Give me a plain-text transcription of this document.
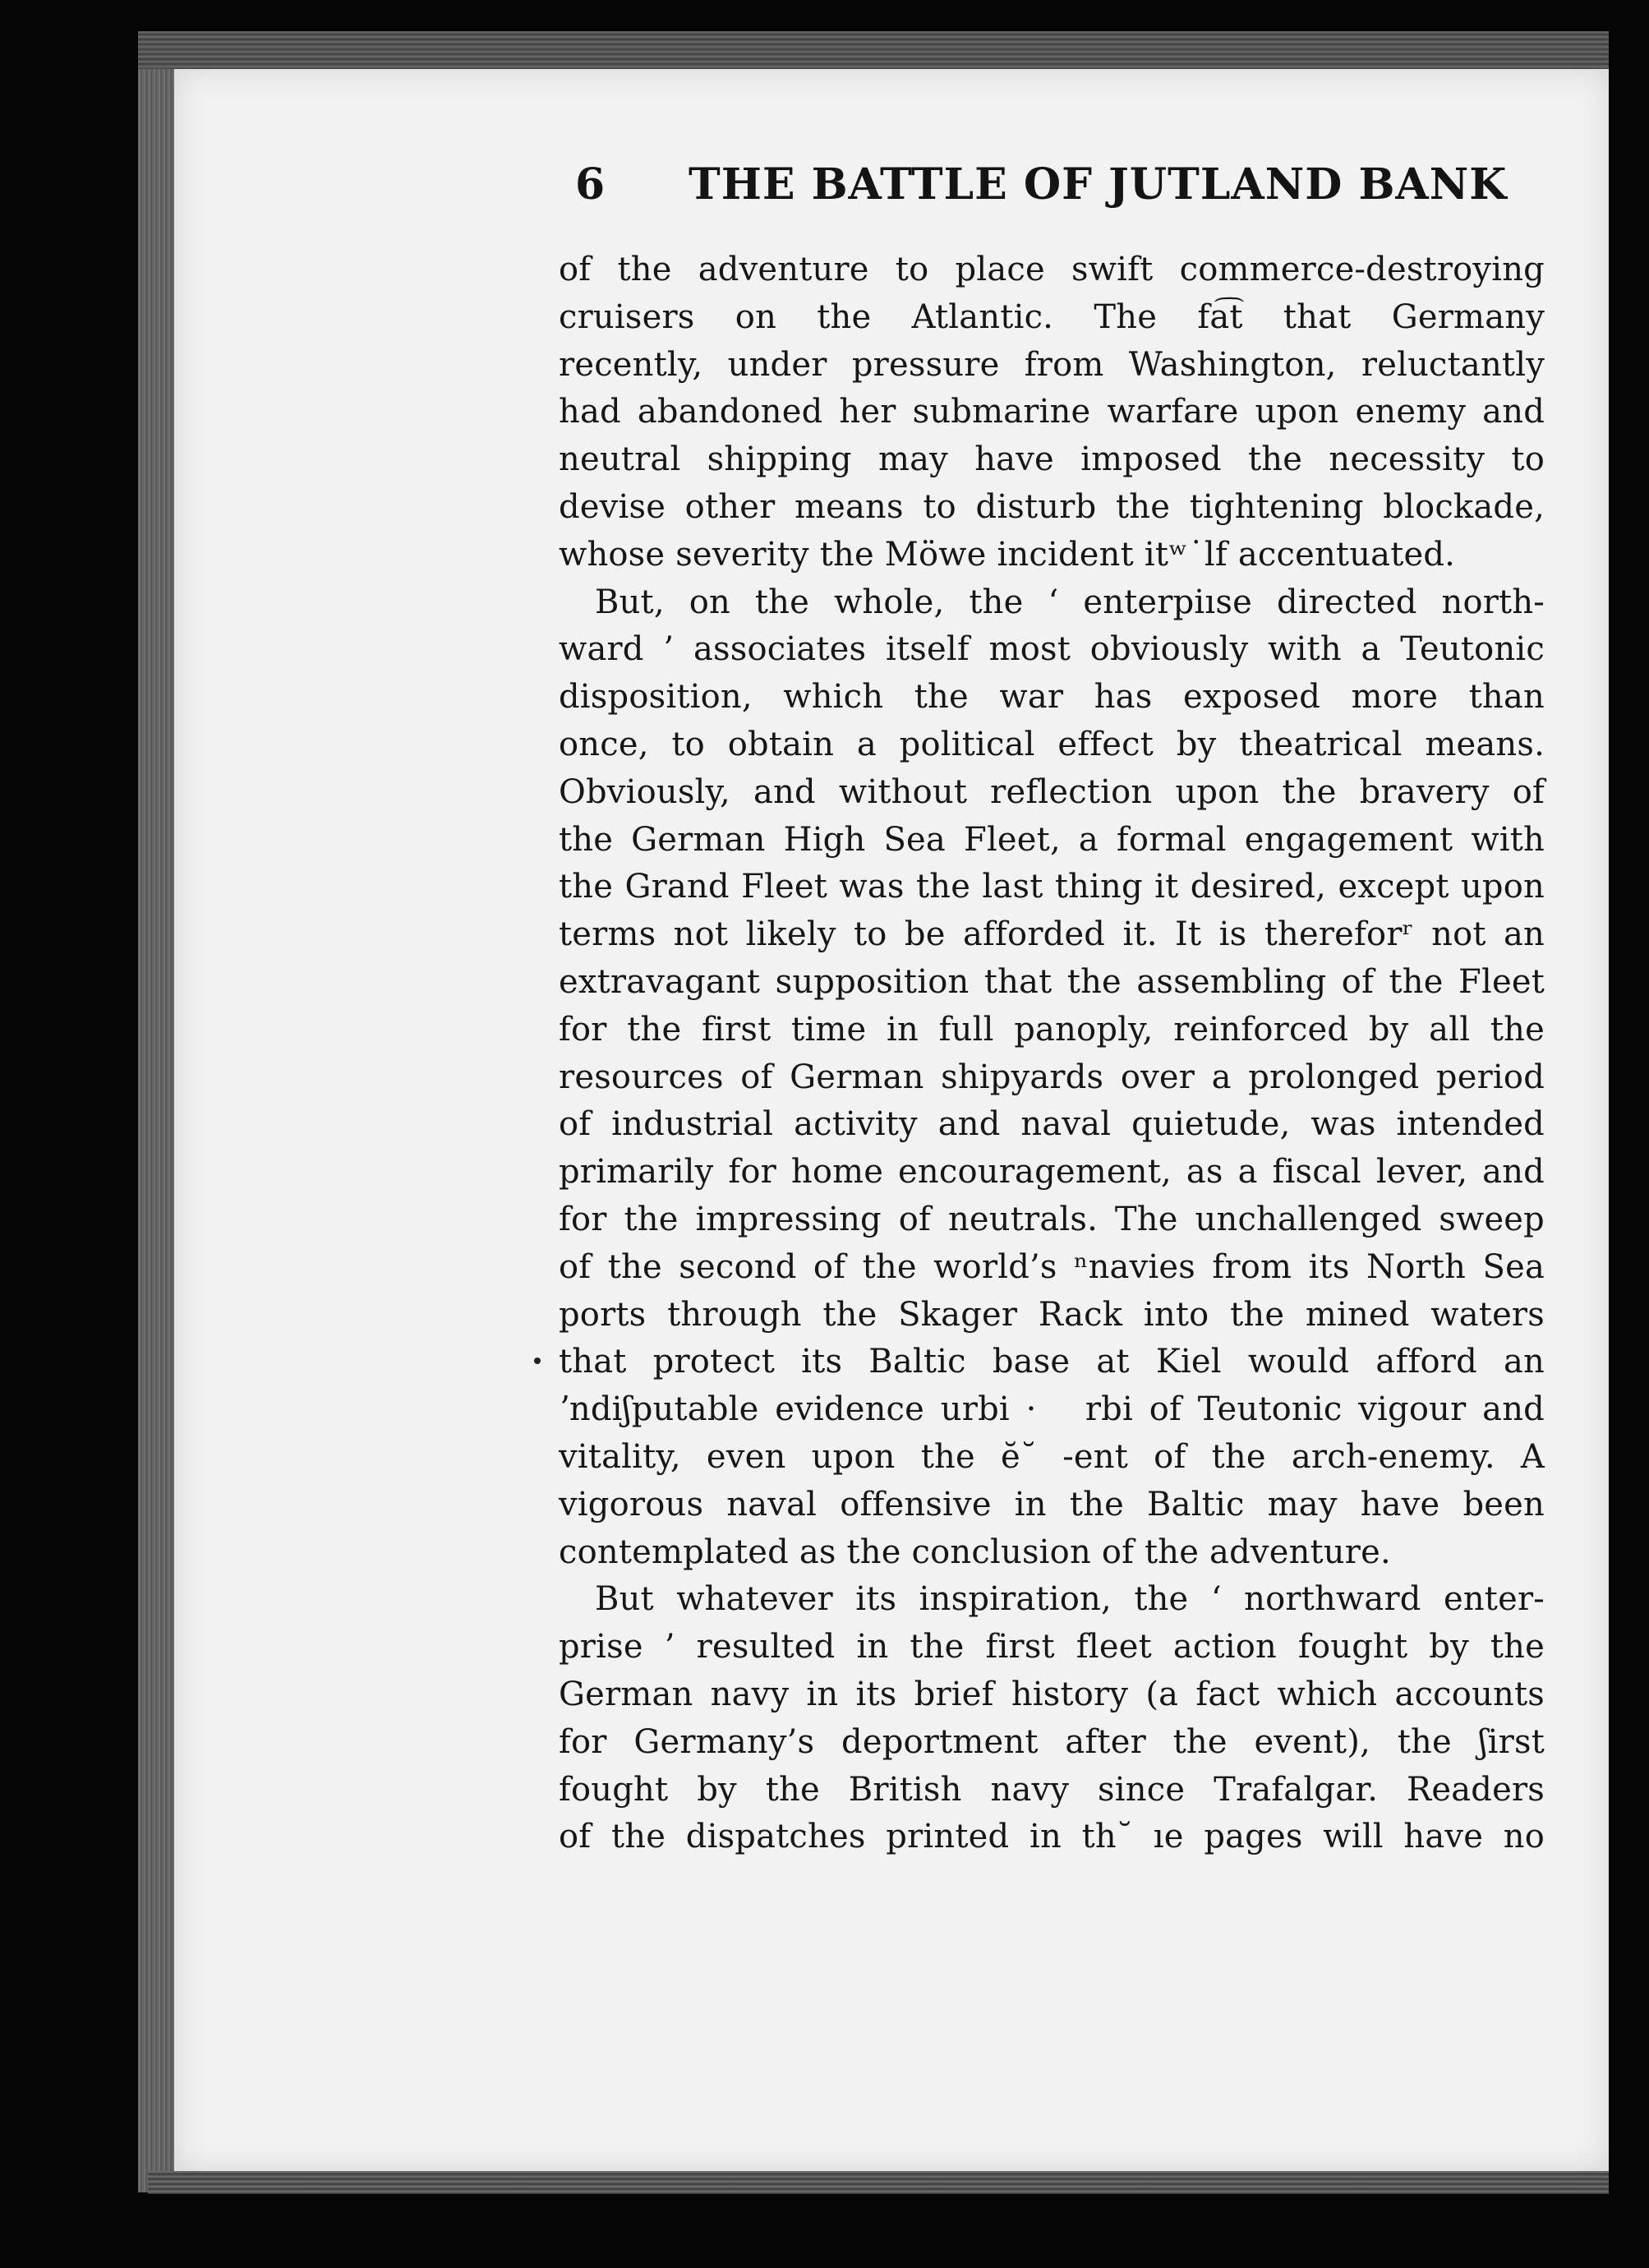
6 THE BATTLE OF JUTLAND BANK
of the adventure to place swift commerce-destroying
cruisers on the Atlantic. The fa͡t that Germany
recently, under pressure from Washington, reluctantly
had abandoned her submarine warfare upon enemy and
neutral shipping may have imposed the necessity to
devise other means to disturb the tightening blockade,
whose severity the Möwe incident itʷ˙lf accentuated.
But, on the whole, the ‘ enterpiıse directed north-
ward ’ associates itself most obviously with a Teutonic
disposition, which the war has exposed more than
once, to obtain a political effect by theatrical means.
Obviously, and without reflection upon the bravery of
the German High Sea Fleet, a formal engagement with
the Grand Fleet was the last thing it desired, except upon
terms not likely to be afforded it. It is thereforʳ not an
extravagant supposition that the assembling of the Fleet
for the first time in full panoply, reinforced by all the
resources of German shipyards over a prolonged period
of industrial activity and naval quietude, was intended
primarily for home encouragement, as a fiscal lever, and
for the impressing of neutrals. The unchallenged sweep
of the second of the world’s ⁿnavies from its North Sea
ports through the Skager Rack into the mined waters
that protect its Baltic base at Kiel would afford an
ʼndiʃputable evidence urbi ·   rbi of Teutonic vigour and
vitality, even upon the ĕ˘ ‑ent of the arch-enemy. A
vigorous naval offensive in the Baltic may have been
contemplated as the conclusion of the adventure.
But whatever its inspiration, the ‘ northward enter-
prise ’ resulted in the first fleet action fought by the
German navy in its brief history (a fact which accounts
for Germany’s deportment after the event), the ʃirst
fought by the British navy since Trafalgar. Readers
of the dispatches printed in th˘ ıe pages will have no
